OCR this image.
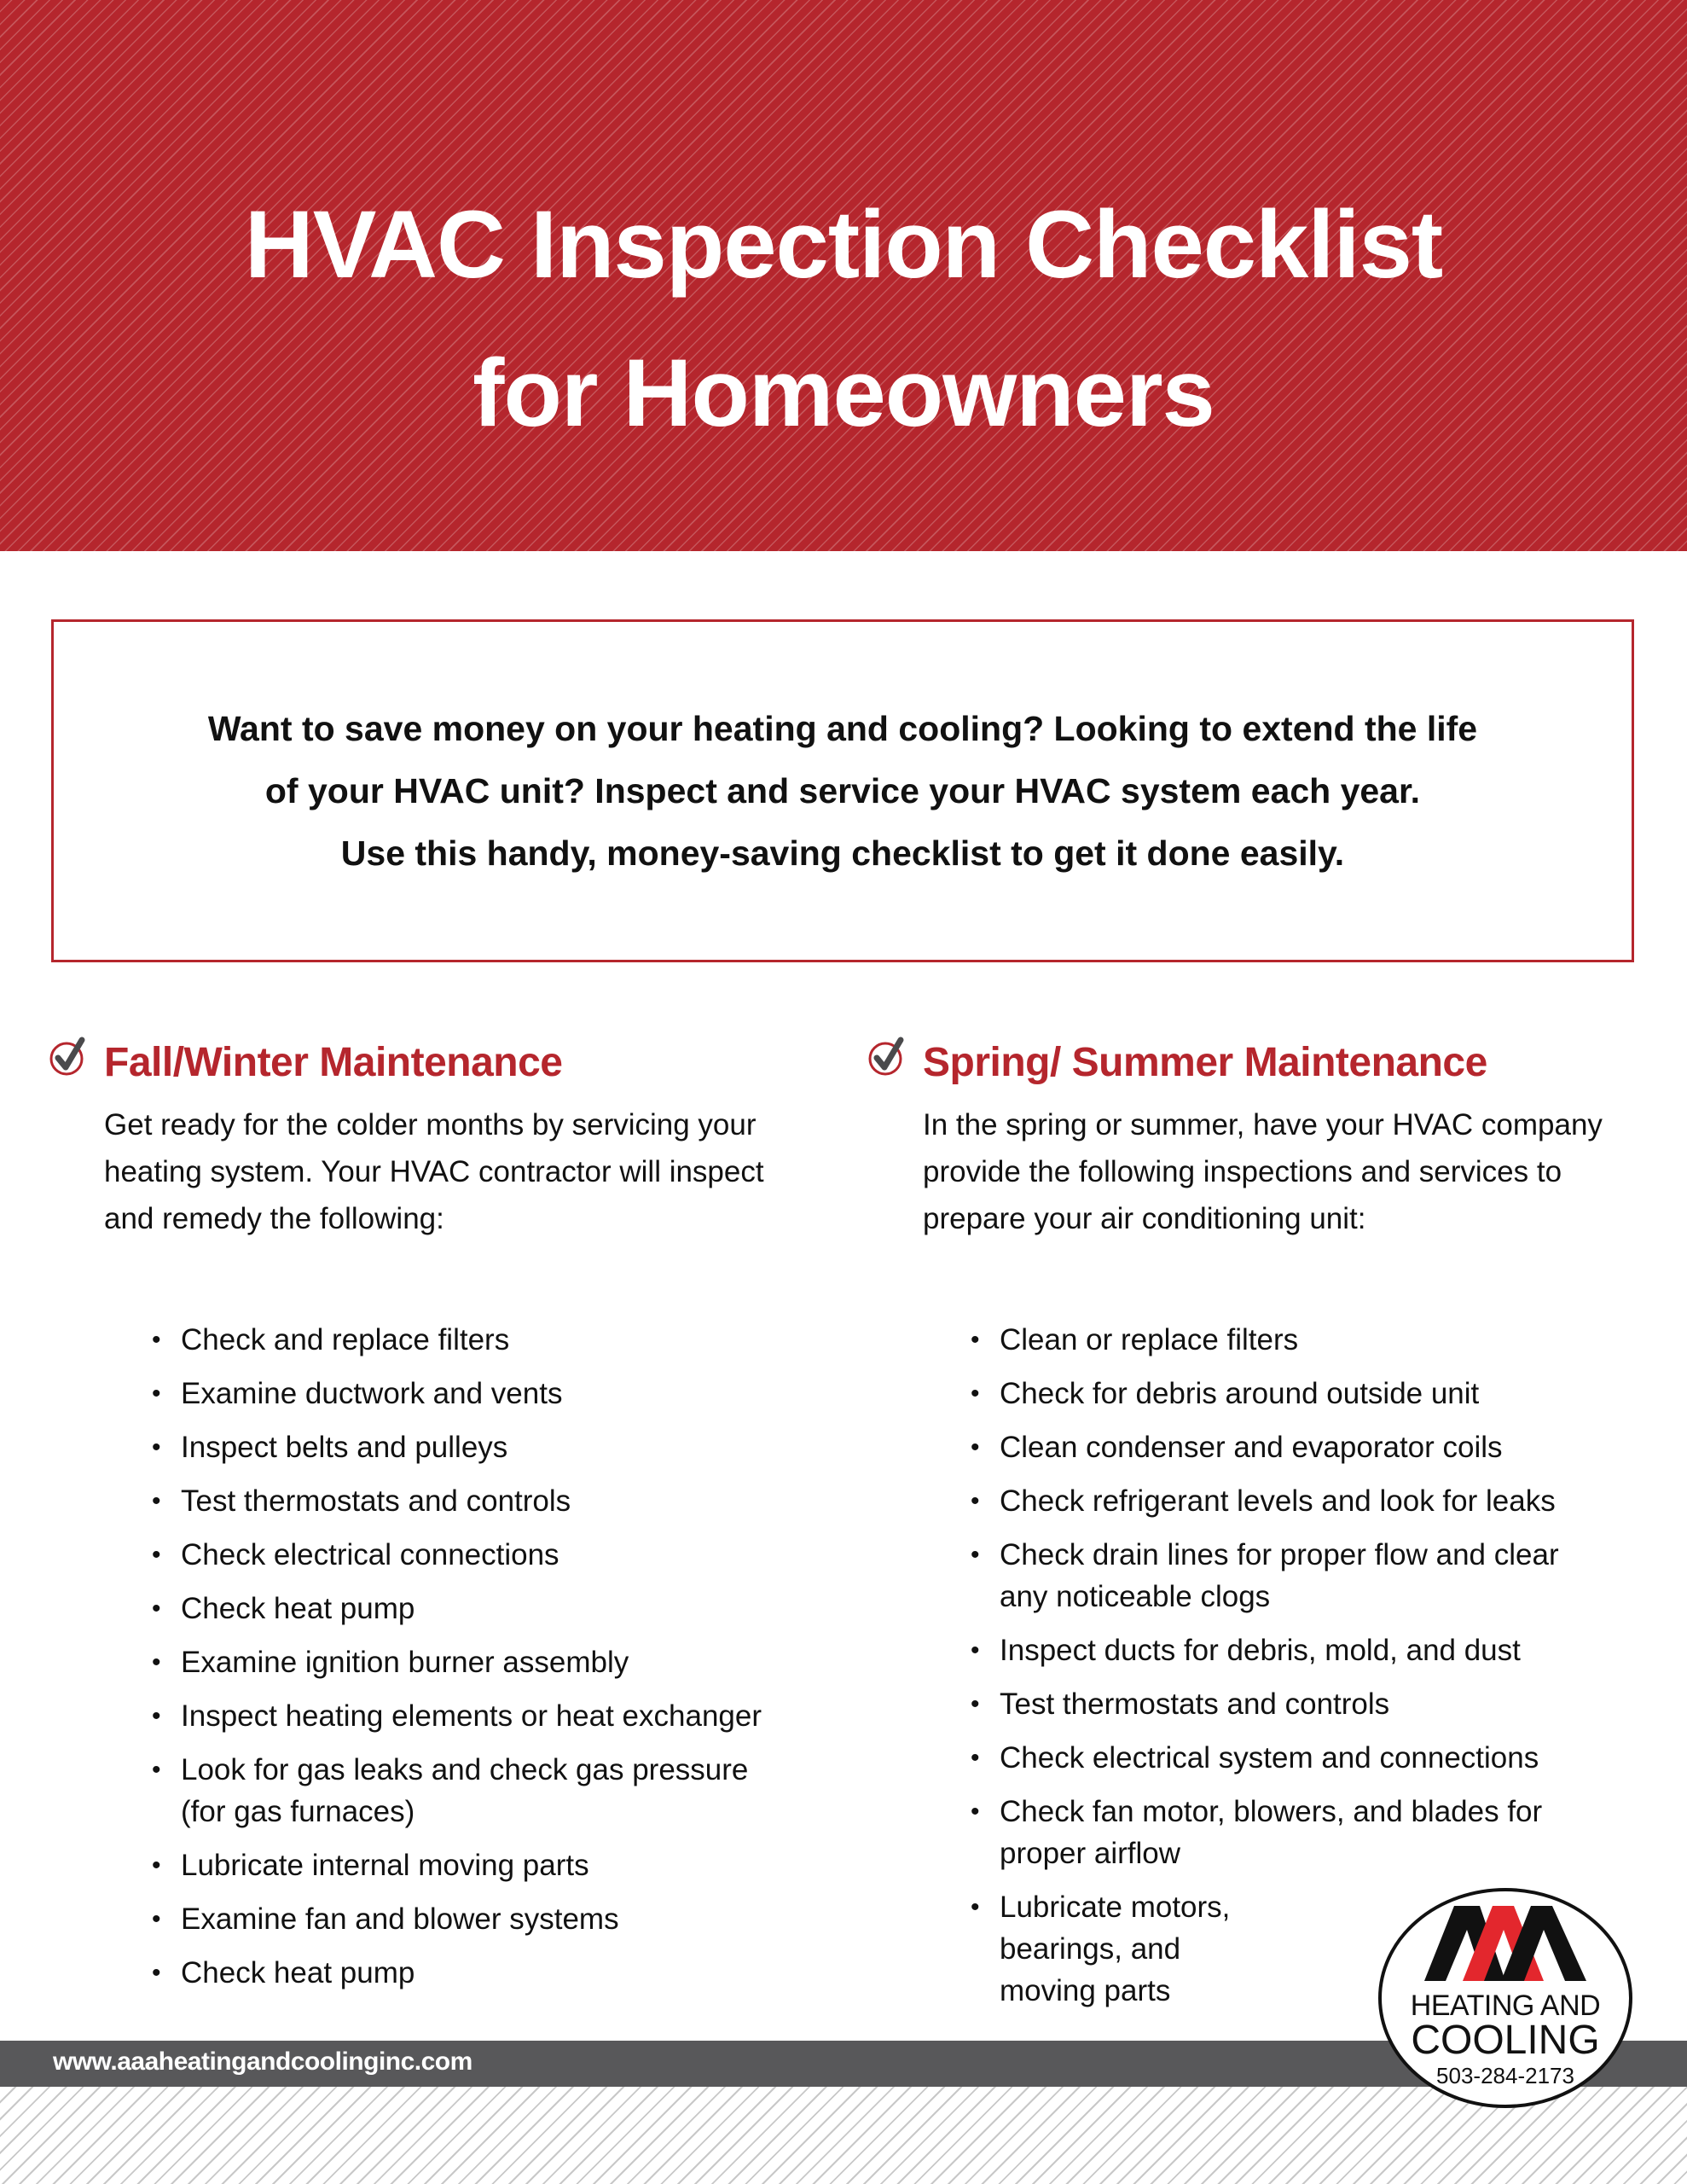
HVAC Inspection Checklist
for Homeowners

Want to save money on your heating and cooling? Looking to extend the life
of your HVAC unit? Inspect and service your HVAC system each year.
Use this handy, money-saving checklist to get it done easily.

Fall/Winter Maintenance
Get ready for the colder months by servicing your
heating system. Your HVAC contractor will inspect
and remedy the following:
• Check and replace filters
• Examine ductwork and vents
• Inspect belts and pulleys
• Test thermostats and controls
• Check electrical connections
• Check heat pump
• Examine ignition burner assembly
• Inspect heating elements or heat exchanger
• Look for gas leaks and check gas pressure (for gas furnaces)
• Lubricate internal moving parts
• Examine fan and blower systems
• Check heat pump
Spring/ Summer Maintenance
In the spring or summer, have your HVAC company
provide the following inspections and services to
prepare your air conditioning unit:
• Clean or replace filters
• Check for debris around outside unit
• Clean condenser and evaporator coils
• Check refrigerant levels and look for leaks
• Check drain lines for proper flow and clear any noticeable clogs
• Inspect ducts for debris, mold, and dust
• Test thermostats and controls
• Check electrical system and connections
• Check fan motor, blowers, and blades for proper airflow
• Lubricate motors, bearings, and moving parts
www.aaaheatingandcoolinginc.com
HEATING AND
COOLING
503-284-2173
